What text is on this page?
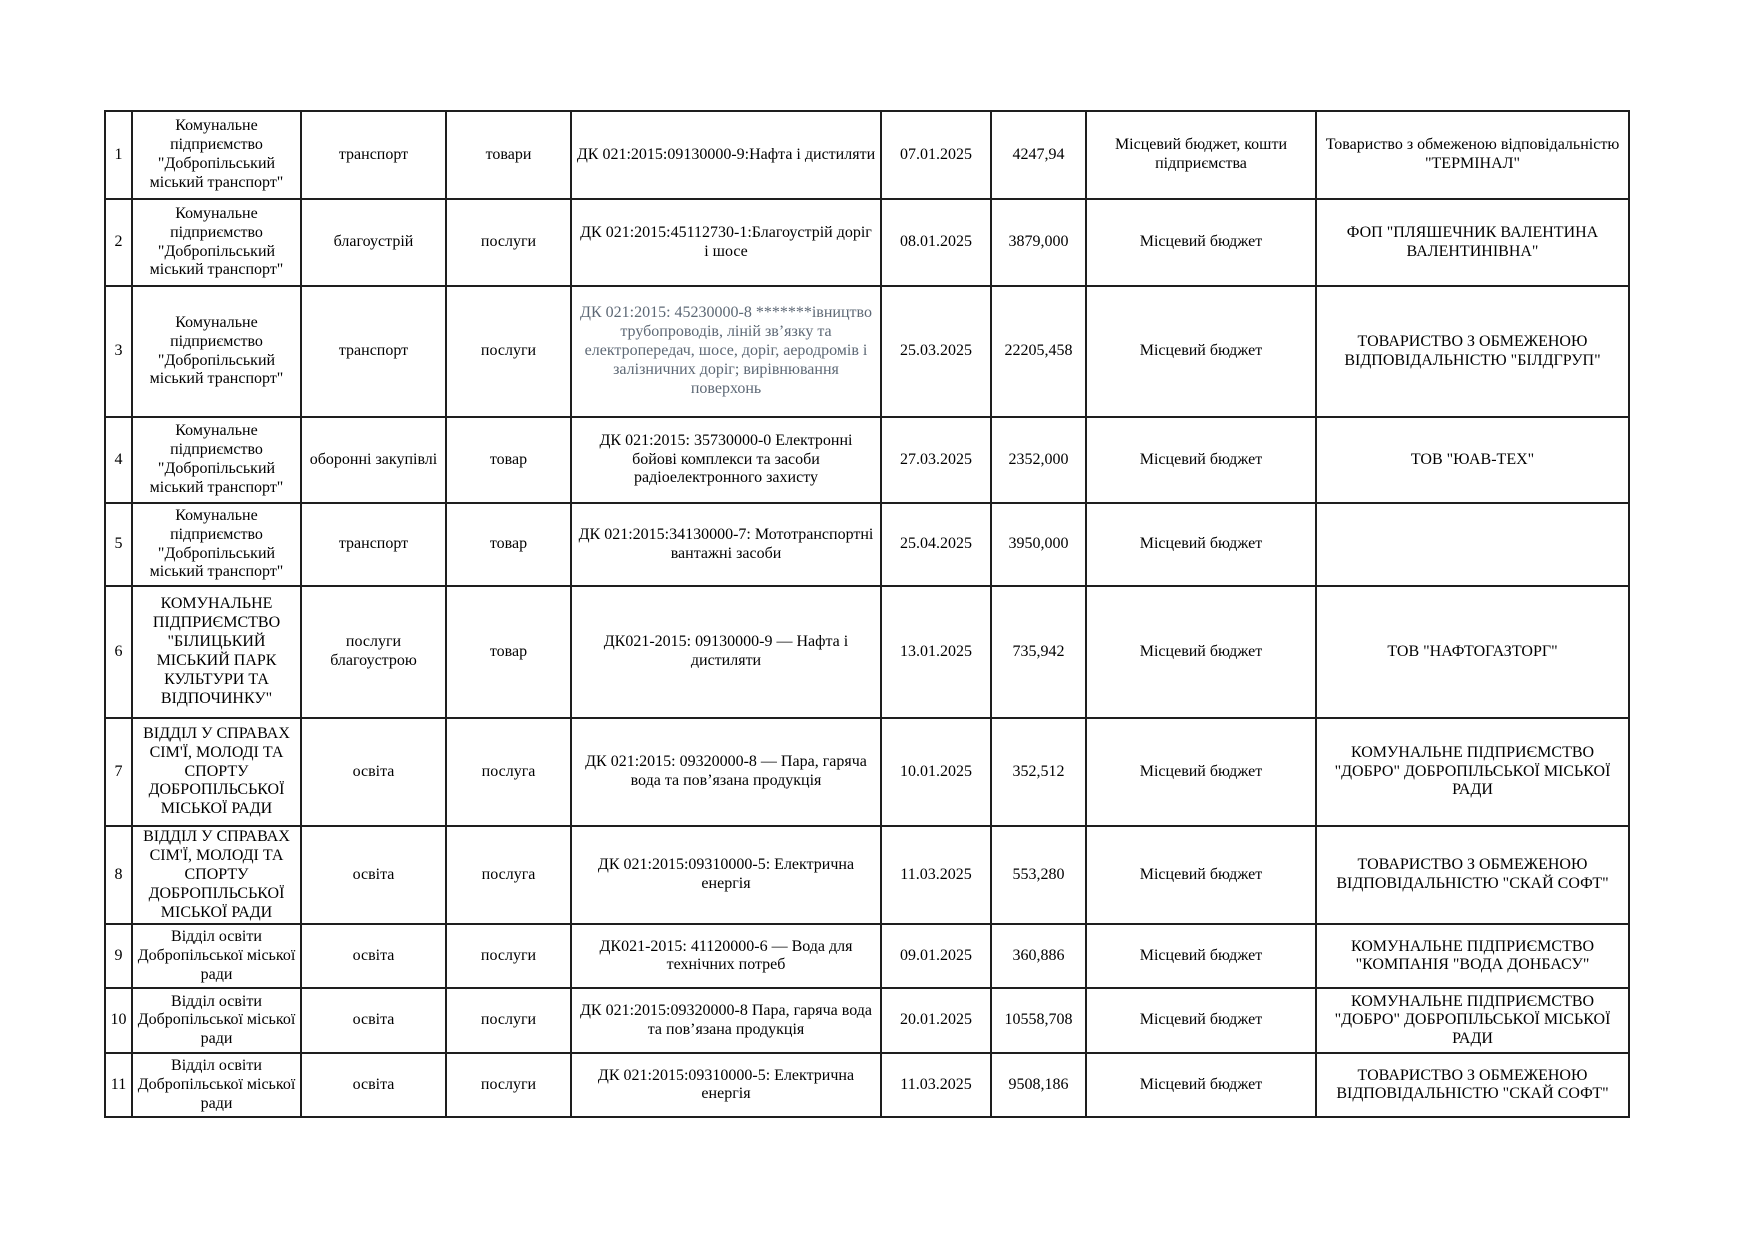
1	Комунальне підприємство "Добропільський міський транспорт"	транспорт	товари	ДК 021:2015:09130000-9:Нафта і дистиляти	07.01.2025	4247,94	Місцевий бюджет, кошти підприємства	Товариство з обмеженою відповідальністю "ТЕРМІНАЛ"
2	Комунальне підприємство "Добропільський міський транспорт"	благоустрій	послуги	ДК 021:2015:45112730-1:Благоустрій доріг і шосе	08.01.2025	3879,000	Місцевий бюджет	ФОП "ПЛЯШЕЧНИК ВАЛЕНТИНА ВАЛЕНТИНІВНА"
3	Комунальне підприємство "Добропільський міський транспорт"	транспорт	послуги	ДК 021:2015: 45230000-8 *******івництво трубопроводів, ліній зв’язку та електропередач, шосе, доріг, аеродромів і залізничних доріг; вирівнювання поверхонь	25.03.2025	22205,458	Місцевий бюджет	ТОВАРИСТВО З ОБМЕЖЕНОЮ ВІДПОВІДАЛЬНІСТЮ "БІЛДГРУП"
4	Комунальне підприємство "Добропільський міський транспорт"	оборонні закупівлі	товар	ДК 021:2015: 35730000-0 Електронні бойові комплекси та засоби радіоелектронного захисту	27.03.2025	2352,000	Місцевий бюджет	ТОВ "ЮАВ-ТЕХ"
5	Комунальне підприємство "Добропільський міський транспорт"	транспорт	товар	ДК 021:2015:34130000-7: Мототранспортні вантажні засоби	25.04.2025	3950,000	Місцевий бюджет	
6	КОМУНАЛЬНЕ ПІДПРИЄМСТВО "БІЛИЦЬКИЙ МІСЬКИЙ ПАРК КУЛЬТУРИ ТА ВІДПОЧИНКУ"	послуги благоустрою	товар	ДК021-2015: 09130000-9 — Нафта і дистиляти	13.01.2025	735,942	Місцевий бюджет	ТОВ "НАФТОГАЗТОРГ"
7	ВІДДІЛ У СПРАВАХ СІМ'Ї, МОЛОДІ ТА СПОРТУ ДОБРОПІЛЬСЬКОЇ МІСЬКОЇ РАДИ	освіта	послуга	ДК 021:2015: 09320000-8 — Пара, гаряча вода та пов’язана продукція	10.01.2025	352,512	Місцевий бюджет	КОМУНАЛЬНЕ ПІДПРИЄМСТВО "ДОБРО" ДОБРОПІЛЬСЬКОЇ МІСЬКОЇ РАДИ
8	ВІДДІЛ У СПРАВАХ СІМ'Ї, МОЛОДІ ТА СПОРТУ ДОБРОПІЛЬСЬКОЇ МІСЬКОЇ РАДИ	освіта	послуга	ДК 021:2015:09310000-5: Електрична енергія	11.03.2025	553,280	Місцевий бюджет	ТОВАРИСТВО З ОБМЕЖЕНОЮ ВІДПОВІДАЛЬНІСТЮ "СКАЙ СОФТ"
9	Відділ освіти Добропільської міської ради	освіта	послуги	ДК021-2015: 41120000-6 — Вода для технічних потреб	09.01.2025	360,886	Місцевий бюджет	КОМУНАЛЬНЕ ПІДПРИЄМСТВО "КОМПАНІЯ "ВОДА ДОНБАСУ"
10	Відділ освіти Добропільської міської ради	освіта	послуги	ДК 021:2015:09320000-8 Пара, гаряча вода та пов’язана продукція	20.01.2025	10558,708	Місцевий бюджет	КОМУНАЛЬНЕ ПІДПРИЄМСТВО "ДОБРО" ДОБРОПІЛЬСЬКОЇ МІСЬКОЇ РАДИ
11	Відділ освіти Добропільської міської ради	освіта	послуги	ДК 021:2015:09310000-5: Електрична енергія	11.03.2025	9508,186	Місцевий бюджет	ТОВАРИСТВО З ОБМЕЖЕНОЮ ВІДПОВІДАЛЬНІСТЮ "СКАЙ СОФТ"
